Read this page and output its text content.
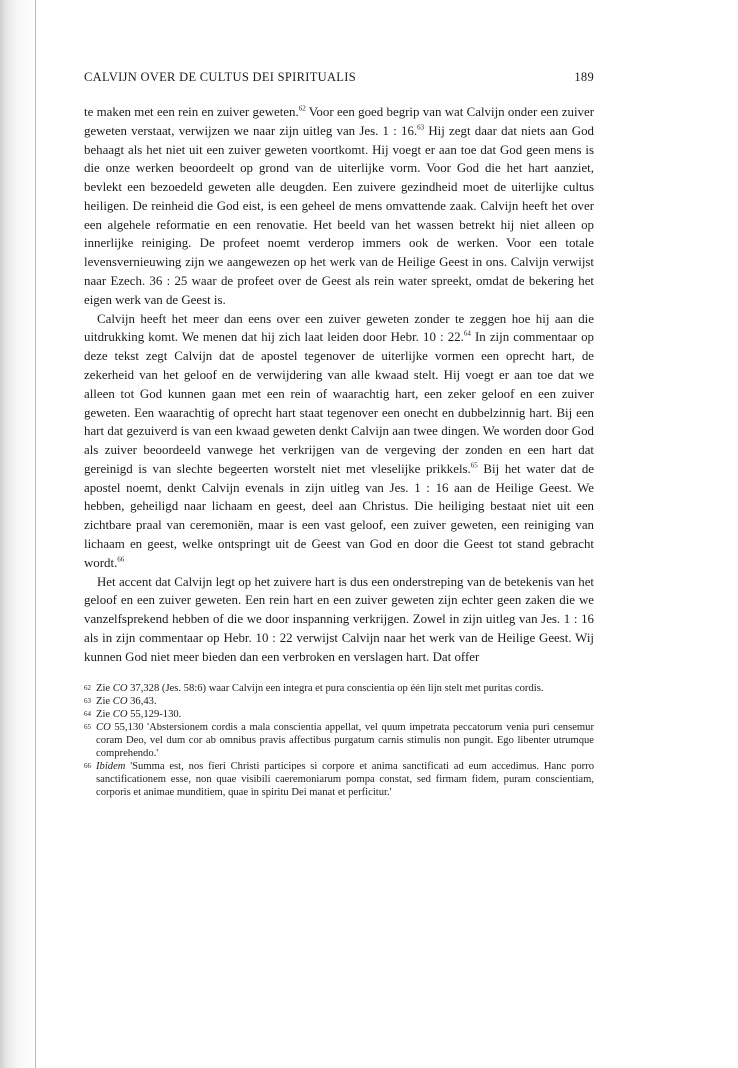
CALVIJN OVER DE CULTUS DEI SPIRITUALIS	189

te maken met een rein en zuiver geweten.$^{62}$ Voor een goed begrip van wat Calvijn onder een zuiver geweten verstaat, verwijzen we naar zijn uitleg van Jes. 1 : 16.63 Hij zegt daar dat niets aan God behaagt als het niet uit een zuiver geweten voortkomt. Hij voegt er aan toe dat God geen mens is die onze werken beoordeelt op grond van de uiterlijke vorm. Voor God die het hart aanziet, bevlekt een bezoedeld geweten alle deugden. Een zuivere gezindheid moet de uiterlijke cultus heiligen. De reinheid die God eist, is een geheel de mens omvattende zaak. Calvijn heeft het over een algehele reformatie en een renovatie. Het beeld van het wassen betrekt hij niet alleen op innerlijke reiniging. De profeet noemt verderop immers ook de werken. Voor een totale levensvernieuwing zijn we aangewezen op het werk van de Heilige Geest in ons. Calvijn verwijst naar Ezech. 36 : 25 waar de profeet over de Geest als rein water spreekt, omdat de bekering het eigen werk van de Geest is.

Calvijn heeft het meer dan eens over een zuiver geweten zonder te zeggen hoe hij aan die uitdrukking komt. We menen dat hij zich laat leiden door Hebr. 10 : 22.64 In zijn commentaar op deze tekst zegt Calvijn dat de apostel tegenover de uiterlijke vormen een oprecht hart, de zekerheid van het geloof en de verwijdering van alle kwaad stelt. Hij voegt er aan toe dat we alleen tot God kunnen gaan met een rein of waarachtig hart, een zeker geloof en een zuiver geweten. Een waarachtig of oprecht hart staat tegenover een onecht en dubbelzinnig hart. Bij een hart dat gezuiverd is van een kwaad geweten denkt Calvijn aan twee dingen. We worden door God als zuiver beoordeeld vanwege het verkrijgen van de vergeving der zonden en een hart dat gereinigd is van slechte begeerten worstelt niet met vleselijke prikkels.$^{65}$ Bij het water dat de apostel noemt, denkt Calvijn evenals in zijn uitleg van Jes. 1 : 16 aan de Heilige Geest. We hebben, geheiligd naar lichaam en geest, deel aan Christus. Die heiliging bestaat niet uit een zichtbare praal van ceremoniën, maar is een vast geloof, een zuiver geweten, een reiniging van lichaam en geest, welke ontspringt uit de Geest van God en door die Geest tot stand gebracht wordt.$^{66}$

Het accent dat Calvijn legt op het zuivere hart is dus een onderstreping van de betekenis van het geloof en een zuiver geweten. Een rein hart en een zuiver geweten zijn echter geen zaken die we vanzelfsprekend hebben of die we door inspanning verkrijgen. Zowel in zijn uitleg van Jes. 1 : 16 als in zijn commentaar op Hebr. 10 : 22 verwijst Calvijn naar het werk van de Heilige Geest. Wij kunnen God niet meer bieden dan een verbroken en verslagen hart. Dat offer

62 Zie CO 37,328 (Jes. 58:6) waar Calvijn een integra et pura conscientia op één lijn stelt met puritas cordis.
63 Zie CO 36,43.
64 Zie CO 55,129-130.
65 CO 55,130 'Abstersionem cordis a mala conscientia appellat, vel quum impetrata peccatorum venia puri censemur coram Deo, vel dum cor ab omnibus pravis affectibus purgatum carnis stimulis non pungit. Ego libenter utrumque comprehendo.'
66 Ibidem 'Summa est, nos fieri Christi participes si corpore et anima sanctificati ad eum accedimus. Hanc porro sanctificationem esse, non quae visibili caeremoniarum pompa constat, sed firmam fidem, puram conscientiam, corporis et animae munditiem, quae in spiritu Dei manat et perficitur.'
